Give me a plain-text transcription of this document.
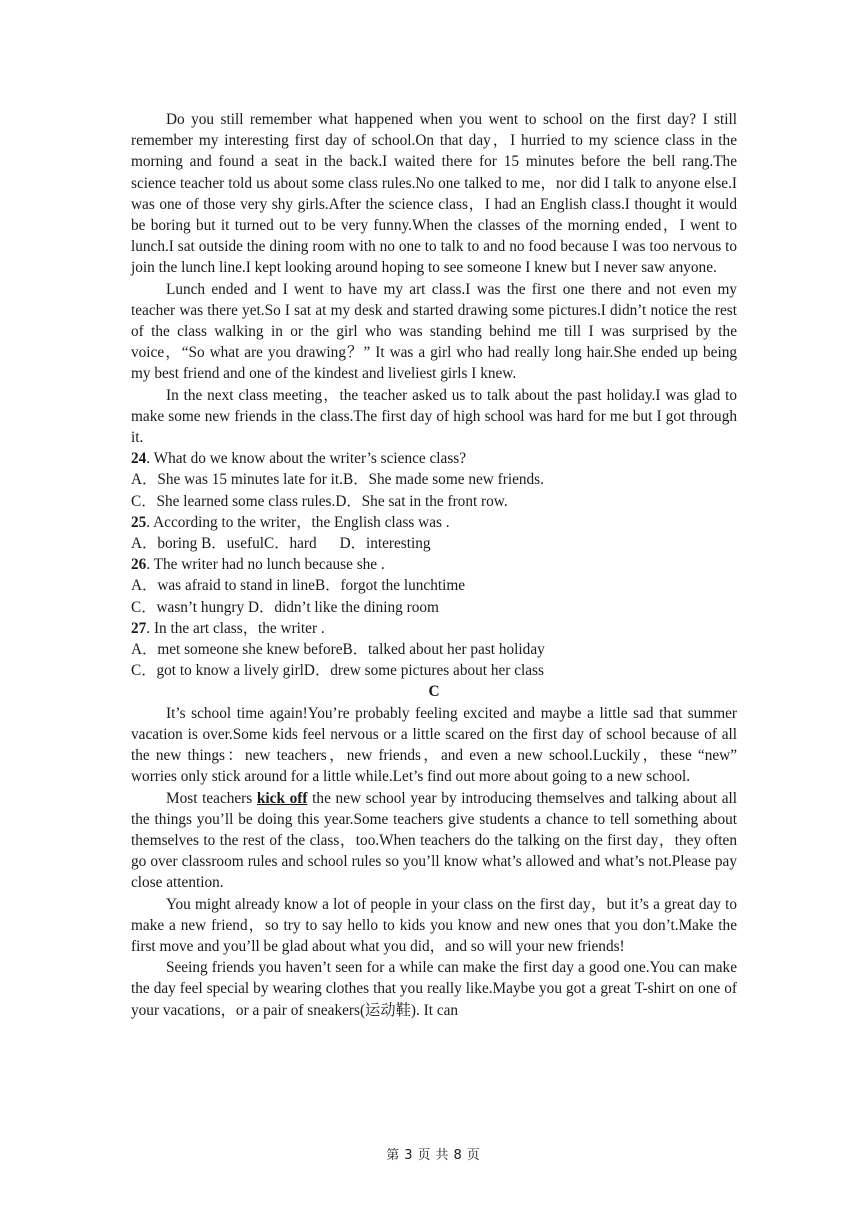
Do you still remember what happened when you went to school on the first day? I still remember my interesting first day of school.On that day，I hurried to my science class in the morning and found a seat in the back.I waited there for 15 minutes before the bell rang.The science teacher told us about some class rules.No one talked to me，nor did I talk to anyone else.I was one of those very shy girls.After the science class，I had an English class.I thought it would be boring but it turned out to be very funny.When the classes of the morning ended，I went to lunch.I sat outside the dining room with no one to talk to and no food because I was too nervous to join the lunch line.I kept looking around hoping to see someone I knew but I never saw anyone.

Lunch ended and I went to have my art class.I was the first one there and not even my teacher was there yet.So I sat at my desk and started drawing some pictures.I didn’t notice the rest of the class walking in or the girl who was standing behind me till I was surprised by the voice，“So what are you drawing？” It was a girl who had really long hair.She ended up being my best friend and one of the kindest and liveliest girls I knew.

In the next class meeting，the teacher asked us to talk about the past holiday.I was glad to make some new friends in the class.The first day of high school was hard for me but I got through it.

24. What do we know about the writer’s science class?

A．She was 15 minutes late for it.B．She made some new friends.

C．She learned some class rules.D．She sat in the front row.

25. According to the writer，the English class was .

A．boring B．usefulC．hard      D．interesting

26. The writer had no lunch because she .

A．was afraid to stand in lineB．forgot the lunchtime

C．wasn’t hungry D．didn’t like the dining room

27. In the art class，the writer .

A．met someone she knew beforeB．talked about her past holiday

C．got to know a lively girlD．drew some pictures about her class

C

It’s school time again!You’re probably feeling excited and maybe a little sad that summer vacation is over.Some kids feel nervous or a little scared on the first day of school because of all the new things：new teachers，new friends，and even a new school.Luckily，these “new” worries only stick around for a little while.Let’s find out more about going to a new school.

Most teachers kick off the new school year by introducing themselves and talking about all the things you’ll be doing this year.Some teachers give students a chance to tell something about themselves to the rest of the class，too.When teachers do the talking on the first day，they often go over classroom rules and school rules so you’ll know what’s allowed and what’s not.Please pay close attention.

You might already know a lot of people in your class on the first day，but it’s a great day to make a new friend，so try to say hello to kids you know and new ones that you don’t.Make the first move and you’ll be glad about what you did，and so will your new friends!

Seeing friends you haven’t seen for a while can make the first day a good one.You can make the day feel special by wearing clothes that you really like.Maybe you got a great T-shirt on one of your vacations，or a pair of sneakers(运动鞋). It can

第 3 页 共 8 页
